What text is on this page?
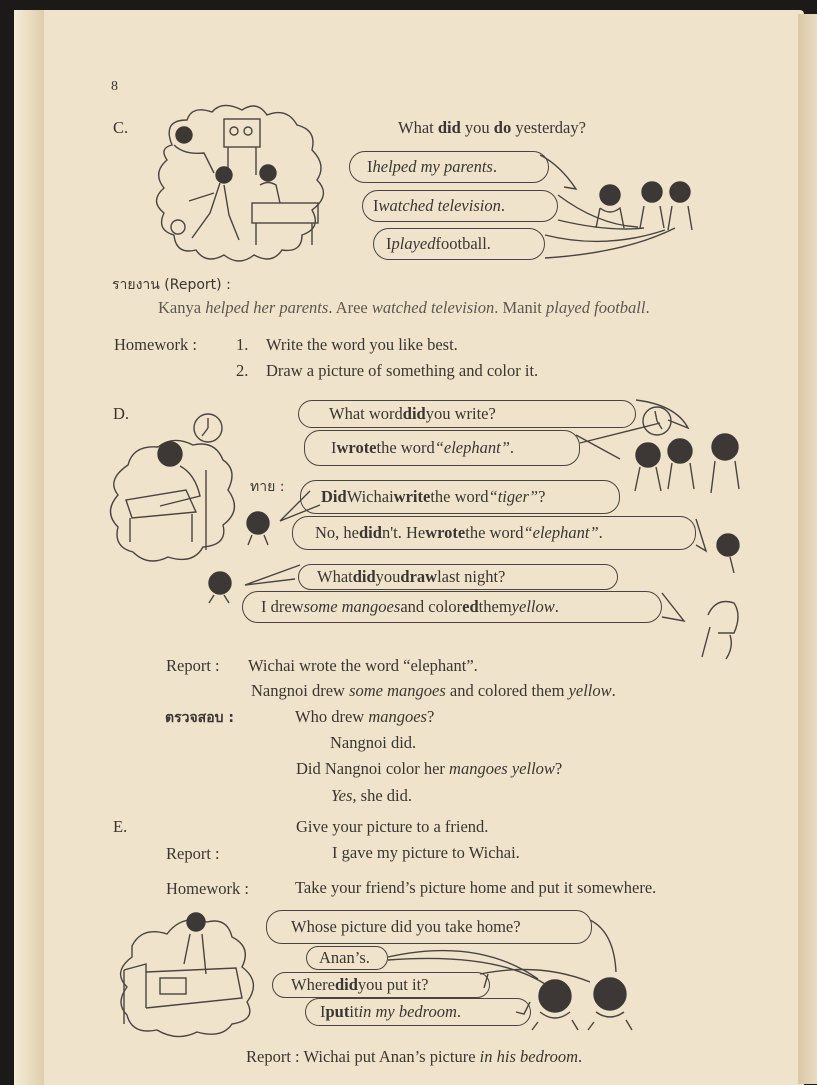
8
C.	What did you do yesterday?
I helped my parents .
I watched television .
I played football.
รายงาน (Report) :
Kanya helped her parents. Aree watched television. Manit played football.
Homework : 1. Write the word you like best.
2. Draw a picture of something and color it.
D.
ทาย :
What word did you write?
I wrote the word “elephant” .
Did Wichai write the word “tiger” ?
No, he did n't. He wrote the word “elephant” .
What did you draw last night?
I drew some mangoes and color ed them yellow .
Report : Wichai wrote the word “elephant”.
Nangnoi drew some mangoes and colored them yellow.
ตรวจสอบ :	Who drew mangoes?
Nangnoi did.
Did Nangnoi color her mangoes yellow?
Yes, she did.
E.	Give your picture to a friend.
Report :	I gave my picture to Wichai.
Homework :	Take your friend’s picture home and put it somewhere.
Whose picture did you take home?
Anan’s.
Where did you put it?
I put it in my bedroom .
Report : Wichai put Anan’s picture in his bedroom.
